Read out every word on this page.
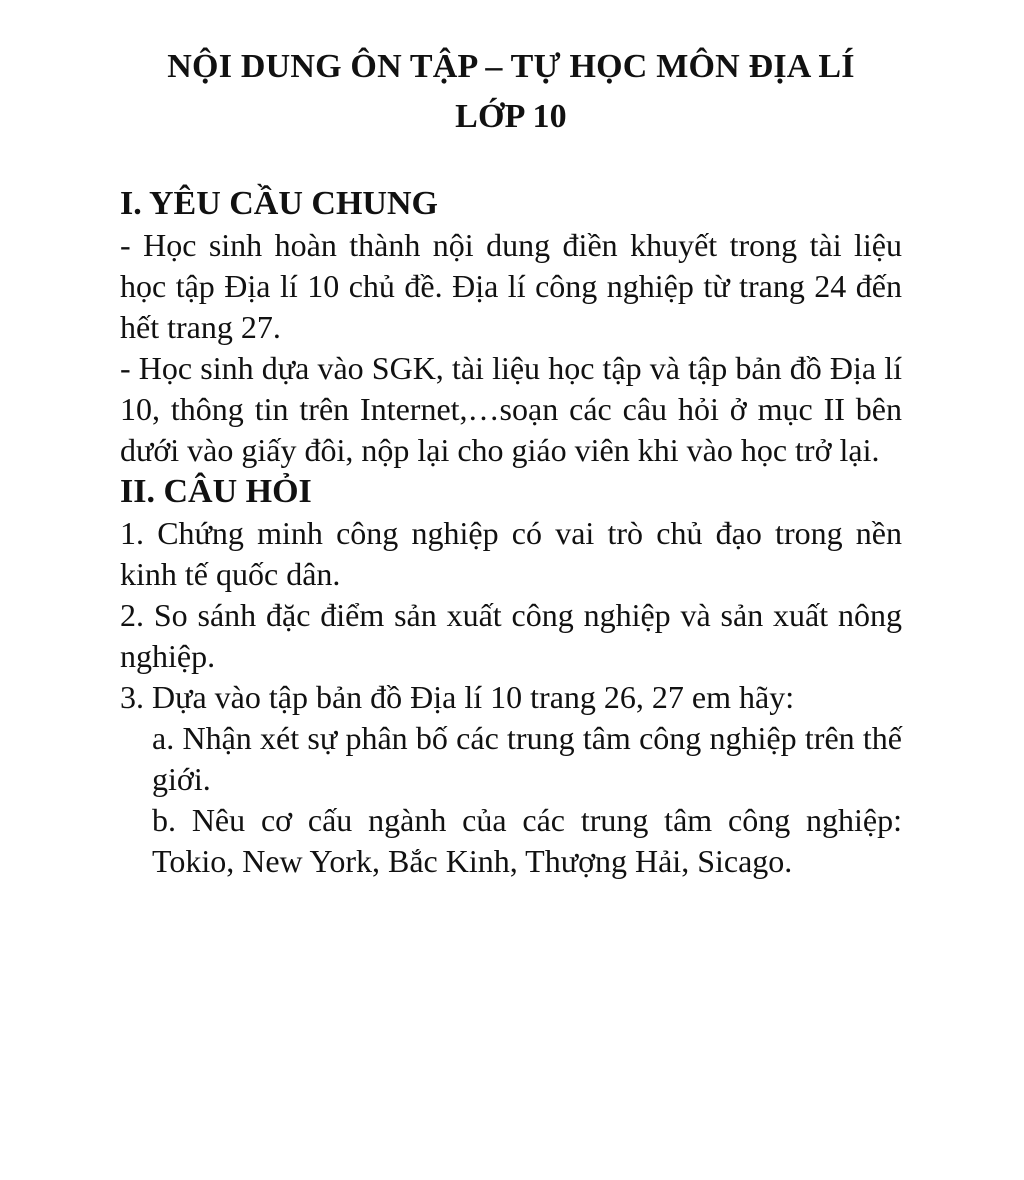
NỘI DUNG ÔN TẬP – TỰ HỌC MÔN ĐỊA LÍ
LỚP 10
I. YÊU CẦU CHUNG

- Học sinh hoàn thành nội dung điền khuyết trong tài liệu học tập Địa lí 10 chủ đề. Địa lí công nghiệp từ trang 24 đến hết trang 27.

- Học sinh dựa vào SGK, tài liệu học tập và tập bản đồ Địa lí 10, thông tin trên Internet,…soạn các câu hỏi ở mục II bên dưới vào giấy đôi, nộp lại cho giáo viên khi vào học trở lại.

II. CÂU HỎI

1. Chứng minh công nghiệp có vai trò chủ đạo trong nền kinh tế quốc dân.

2. So sánh đặc điểm sản xuất công nghiệp và sản xuất nông nghiệp.

3. Dựa vào tập bản đồ Địa lí 10 trang 26, 27 em hãy:

a. Nhận xét sự phân bố các trung tâm công nghiệp trên thế giới.

b. Nêu cơ cấu ngành của các trung tâm công nghiệp: Tokio, New York, Bắc Kinh, Thượng Hải, Sicago.
